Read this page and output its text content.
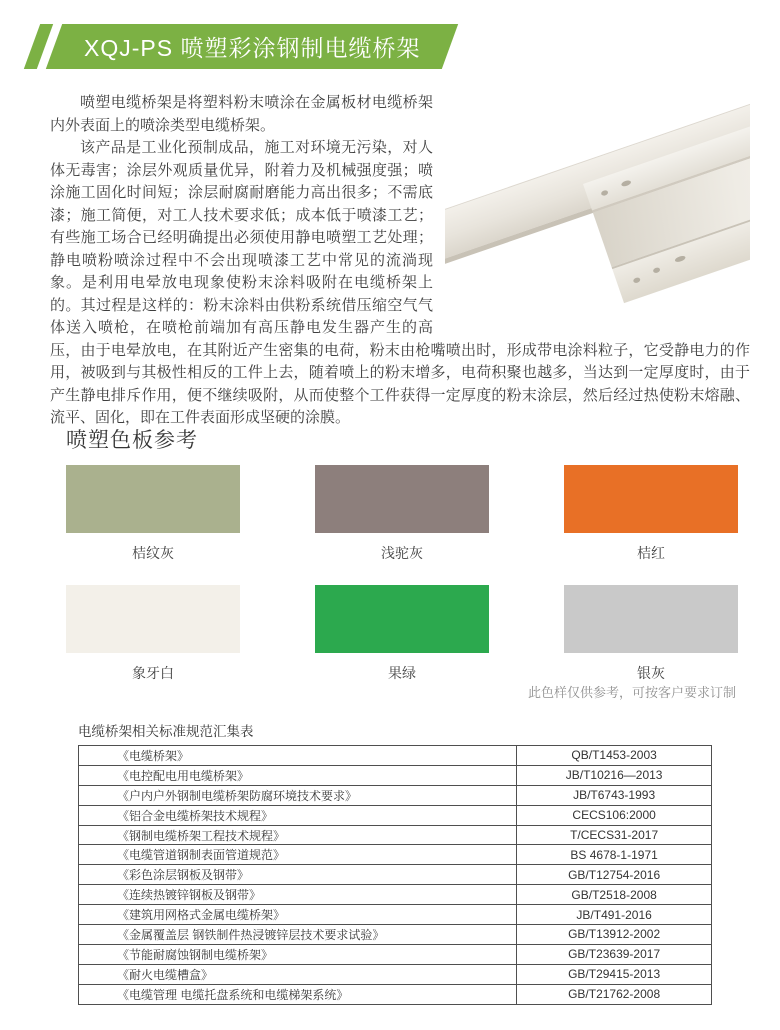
XQJ-PS 喷塑彩涂钢制电缆桥架

喷塑电缆桥架是将塑料粉末喷涂在金属板材电缆桥架内外表面上的喷涂类型电缆桥架。

该产品是工业化预制成品，施工对环境无污染，对人体无毒害；涂层外观质量优异，附着力及机械强度强；喷涂施工固化时间短；涂层耐腐耐磨能力高出很多；不需底漆；施工简便，对工人技术要求低；成本低于喷漆工艺；有些施工场合已经明确提出必须使用静电喷塑工艺处理；静电喷粉喷涂过程中不会出现喷漆工艺中常见的流淌现象。是利用电晕放电现象使粉末涂料吸附在电缆桥架上的。其过程是这样的：粉末涂料由供粉系统借压缩空气气体送入喷枪，在喷枪前端加有高压静电发生器产生的高压，由于电晕放电，在其附近产生密集的电荷，粉末由枪嘴喷出时，形成带电涂料粒子，它受静电力的作用，被吸到与其极性相反的工件上去，随着喷上的粉末增多，电荷积聚也越多，当达到一定厚度时，由于产生静电排斥作用，便不继续吸附，从而使整个工件获得一定厚度的粉末涂层，然后经过热使粉末熔融、流平、固化，即在工件表面形成坚硬的涂膜。

喷塑色板参考
桔纹灰	浅驼灰	桔红
象牙白	果绿	银灰
此色样仅供参考，可按客户要求订制
电缆桥架相关标准规范汇集表
《电缆桥架》	QB/T1453-2003
《电控配电用电缆桥架》	JB/T10216—2013
《户内户外钢制电缆桥架防腐环境技术要求》	JB/T6743-1993
《铝合金电缆桥架技术规程》	CECS106:2000
《钢制电缆桥架工程技术规程》	T/CECS31-2017
《电缆管道钢制表面管道规范》	BS 4678-1-1971
《彩色涂层钢板及钢带》	GB/T12754-2016
《连续热镀锌钢板及钢带》	GB/T2518-2008
《建筑用网格式金属电缆桥架》	JB/T491-2016
《金属覆盖层 钢铁制件热浸镀锌层技术要求试验》	GB/T13912-2002
《节能耐腐蚀钢制电缆桥架》	GB/T23639-2017
《耐火电缆槽盒》	GB/T29415-2013
《电缆管理 电缆托盘系统和电缆梯架系统》	GB/T21762-2008
